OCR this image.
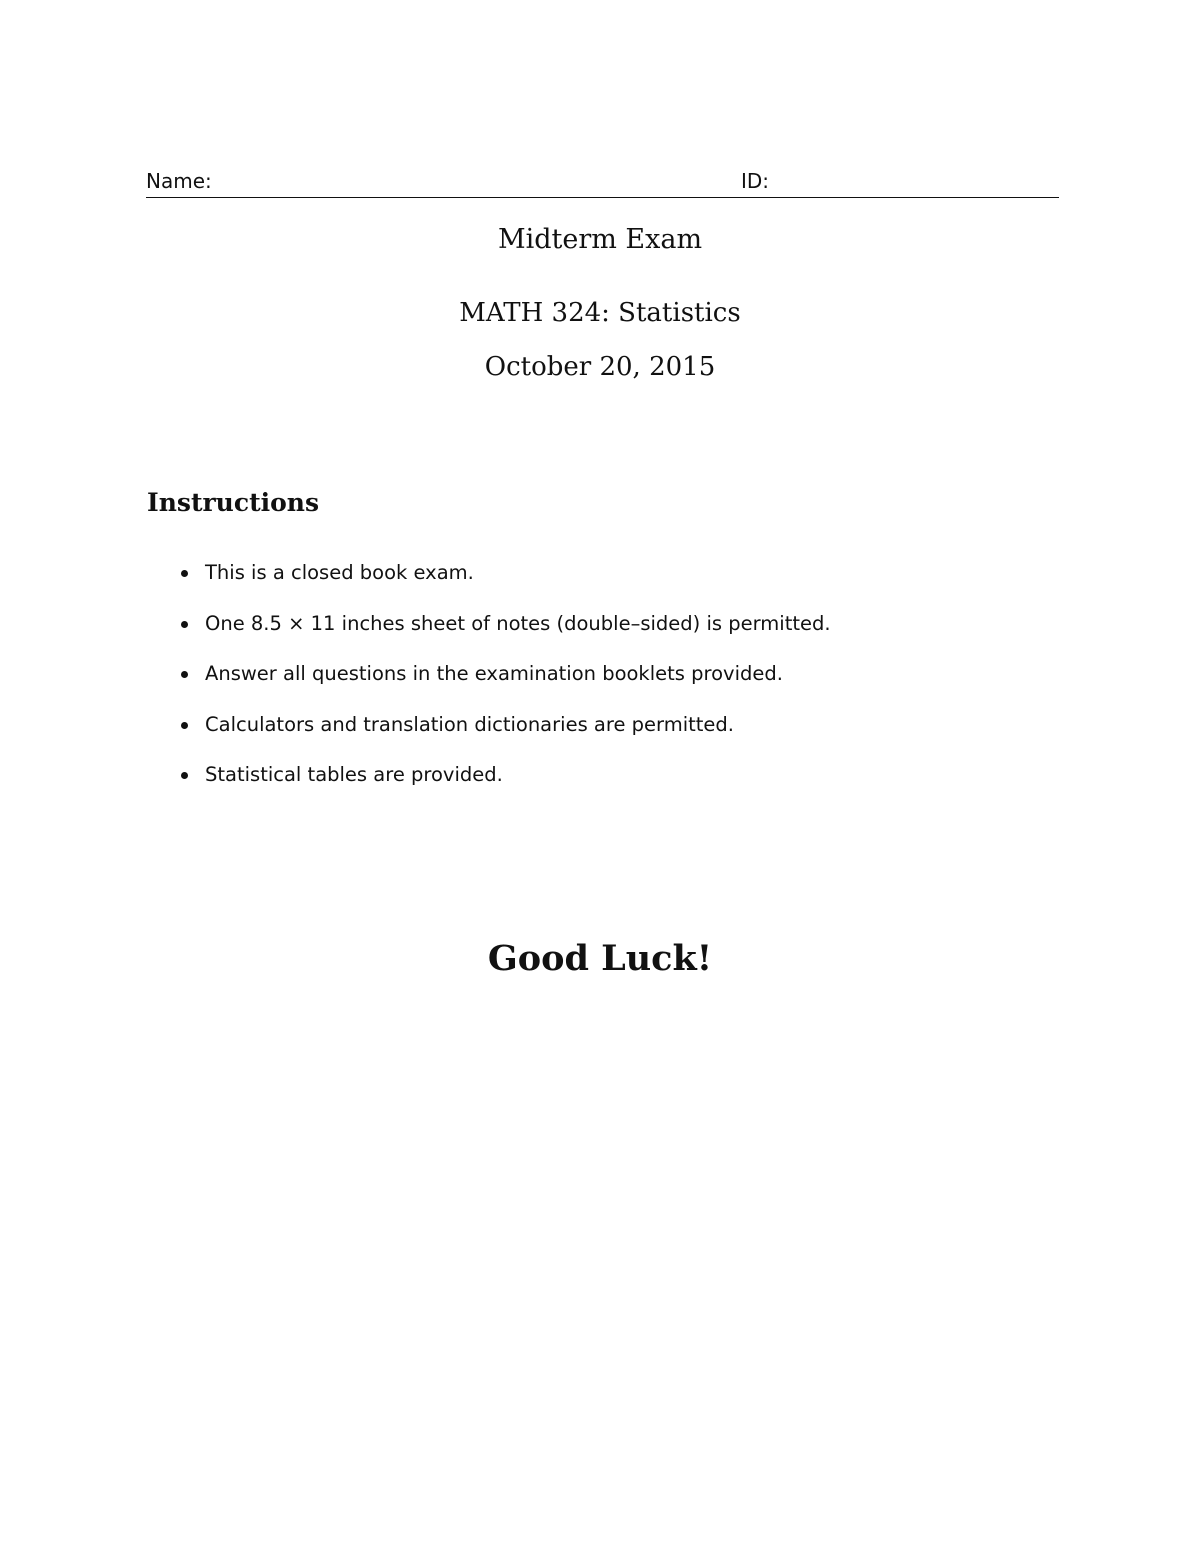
Name:	ID:
Midterm Exam
MATH 324: Statistics
October 20, 2015
Instructions
This is a closed book exam.
One 8.5 × 11 inches sheet of notes (double–sided) is permitted.
Answer all questions in the examination booklets provided.
Calculators and translation dictionaries are permitted.
Statistical tables are provided.
Good Luck!
